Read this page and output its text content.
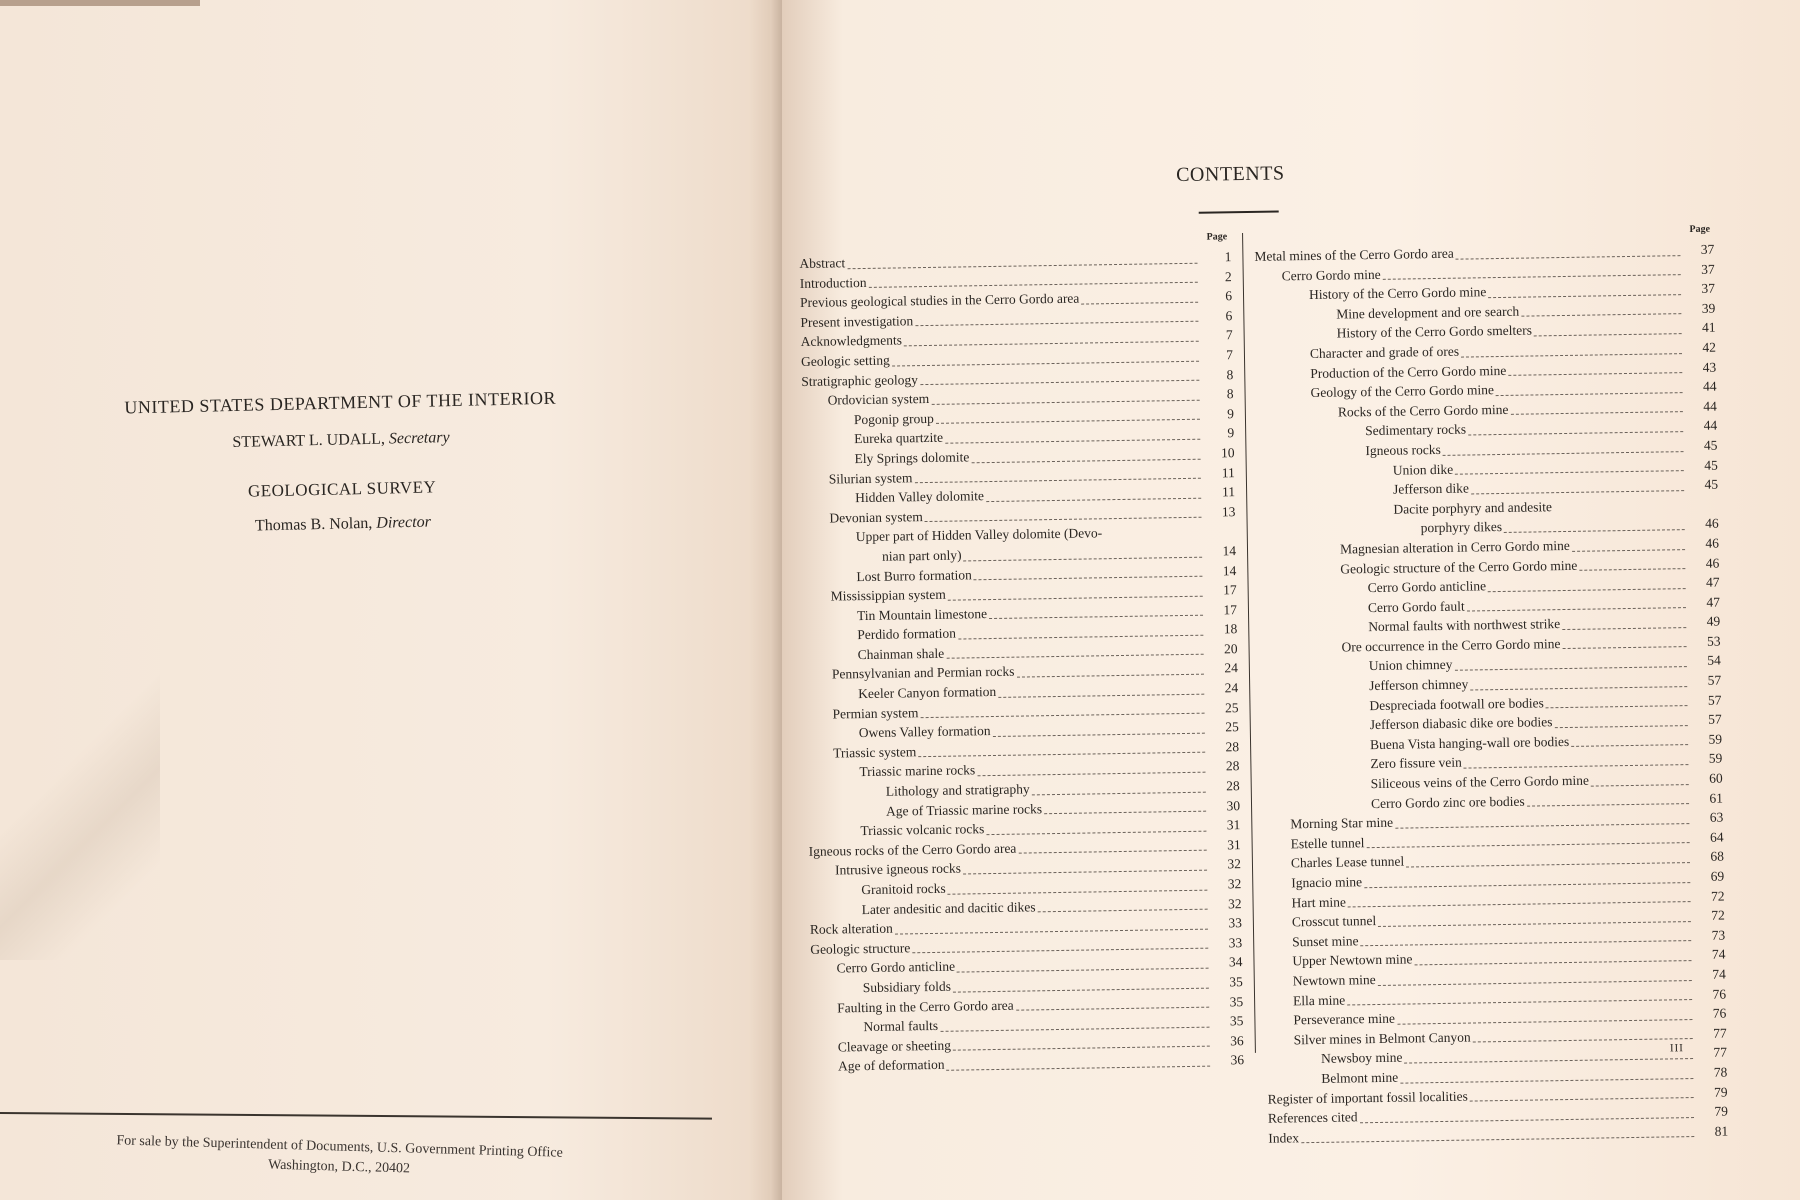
UNITED STATES DEPARTMENT OF THE INTERIOR
STEWART L. UDALL, Secretary
GEOLOGICAL SURVEY
Thomas B. Nolan, Director
For sale by the Superintendent of Documents, U.S. Government Printing Office
Washington, D.C., 20402
CONTENTS
Page
Abstract	1
Introduction	2
Previous geological studies in the Cerro Gordo area	6
Present investigation	6
Acknowledgments	7
Geologic setting	7
Stratigraphic geology	8
Ordovician system	8
Pogonip group	9
Eureka quartzite	9
Ely Springs dolomite	10
Silurian system	11
Hidden Valley dolomite	11
Devonian system	13
Upper part of Hidden Valley dolomite (Devo-
nian part only)	14
Lost Burro formation	14
Mississippian system	17
Tin Mountain limestone	17
Perdido formation	18
Chainman shale	20
Pennsylvanian and Permian rocks	24
Keeler Canyon formation	24
Permian system	25
Owens Valley formation	25
Triassic system	28
Triassic marine rocks	28
Lithology and stratigraphy	28
Age of Triassic marine rocks	30
Triassic volcanic rocks	31
Igneous rocks of the Cerro Gordo area	31
Intrusive igneous rocks	32
Granitoid rocks	32
Later andesitic and dacitic dikes	32
Rock alteration	33
Geologic structure	33
Cerro Gordo anticline	34
Subsidiary folds	35
Faulting in the Cerro Gordo area	35
Normal faults	35
Cleavage or sheeting	36
Age of deformation	36
Page
Metal mines of the Cerro Gordo area	37
Cerro Gordo mine	37
History of the Cerro Gordo mine	37
Mine development and ore search	39
History of the Cerro Gordo smelters	41
Character and grade of ores	42
Production of the Cerro Gordo mine	43
Geology of the Cerro Gordo mine	44
Rocks of the Cerro Gordo mine	44
Sedimentary rocks	44
Igneous rocks	45
Union dike	45
Jefferson dike	45
Dacite porphyry and andesite
porphyry dikes	46
Magnesian alteration in Cerro Gordo mine	46
Geologic structure of the Cerro Gordo mine	46
Cerro Gordo anticline	47
Cerro Gordo fault	47
Normal faults with northwest strike	49
Ore occurrence in the Cerro Gordo mine	53
Union chimney	54
Jefferson chimney	57
Despreciada footwall ore bodies	57
Jefferson diabasic dike ore bodies	57
Buena Vista hanging-wall ore bodies	59
Zero fissure vein	59
Siliceous veins of the Cerro Gordo mine	60
Cerro Gordo zinc ore bodies	61
Morning Star mine	63
Estelle tunnel	64
Charles Lease tunnel	68
Ignacio mine	69
Hart mine	72
Crosscut tunnel	72
Sunset mine	73
Upper Newtown mine	74
Newtown mine	74
Ella mine	76
Perseverance mine	76
Silver mines in Belmont Canyon	77
Newsboy mine	77
Belmont mine	78
Register of important fossil localities	79
References cited	79
Index	81
III
